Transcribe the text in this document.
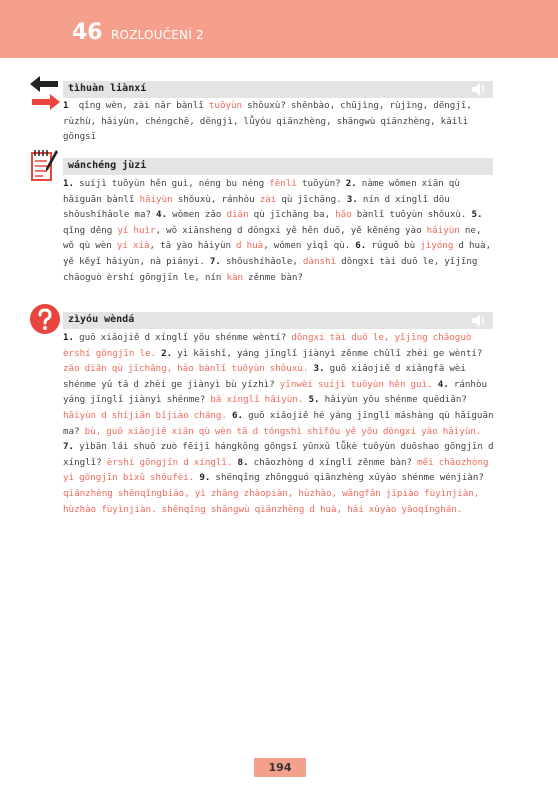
46 ROZLOUČENÍ 2
tìhuàn liànxí

1 qǐng wèn, zài nǎr bànlǐ tuōyùn shǒuxù? shēnbào, chūjìng, rùjìng, dēngjī, rùzhù, hǎiyùn, chéngchē, dēngjì, lǚyóu qiānzhèng, shāngwù qiānzhèng, kāilì gōngsī

wánchéng jùzi

1. suíjì tuōyùn hěn guì, néng bu néng fēnlì tuōyùn? 2. nàme wǒmen xiān qù hǎiguān bànlǐ hǎiyùn shǒuxù, ránhòu zài qù jīchǎng. 3. nín d xínglǐ dōu shōushíhǎole ma? 4. wǒmen zǎo diǎn qù jīchǎng ba, hǎo bànlǐ tuōyùn shǒuxù. 5. qǐng děng yí huìr, wǒ xiānsheng d dōngxi yě hěn duō, yě kěnéng yào hǎiyùn ne, wǒ qù wèn yi xià, tā yào hǎiyùn d huà, wǒmen yìqǐ qù. 6. rúguǒ bù jìyóng d huà, yě kěyǐ hǎiyùn, nà piányi. 7. shōushíhǎole, dànshì dōngxi tài duō le, yǐjīng chāoguò èrshí gōngjīn le, nín kàn zěnme bàn?

zìyóu wèndá

1. guō xiǎojiě d xínglǐ yǒu shénme wèntí? dōngxi tài duō le, yǐjīng chāoguò èrshí gōngjīn le. 2. yì kāishǐ, yáng jīnglǐ jiànyì zěnme chǔlǐ zhèi ge wèntí? zǎo diǎn qù jīchǎng, hǎo bànlǐ tuōyùn shǒuxù. 3. guō xiǎojiě d xiǎngfǎ wèi shénme yǔ tā d zhèi ge jiànyì bù yízhì? yīnwèi suíjì tuōyùn hěn guì. 4. ránhòu yáng jīnglǐ jiànyì shénme? bǎ xínglǐ hǎiyùn. 5. hǎiyùn yǒu shénme quēdiǎn? hǎiyùn d shíjiān bǐjiào cháng. 6. guō xiǎojiě hé yáng jīnglǐ mǎshàng qù hǎiguān ma? bù, guō xiǎojiě xiān qù wèn tā d tóngshì shìfǒu yě yǒu dōngxi yào hǎiyùn. 7. yìbān lái shuō zuò fēijī hángkōng gōngsī yǔnxǔ lǚkè tuōyùn duōshao gōngjīn d xínglǐ? èrshí gōngjīn d xínglǐ. 8. chāozhòng d xínglǐ zěnme bàn? měi chāozhòng yì gōngjīn bìxū shōufèi. 9. shēnqǐng zhōngguó qiānzhèng xūyào shénme wénjiàn? qiānzhèng shēnqǐngbiǎo, yì zhāng zhàopiàn, hùzhào, wǎngfǎn jīpiào fùyìnjiàn, hùzhào fùyìnjiàn. shēnqǐng shāngwù qiānzhèng d huà, hái xūyào yāoqǐnghán.

194
